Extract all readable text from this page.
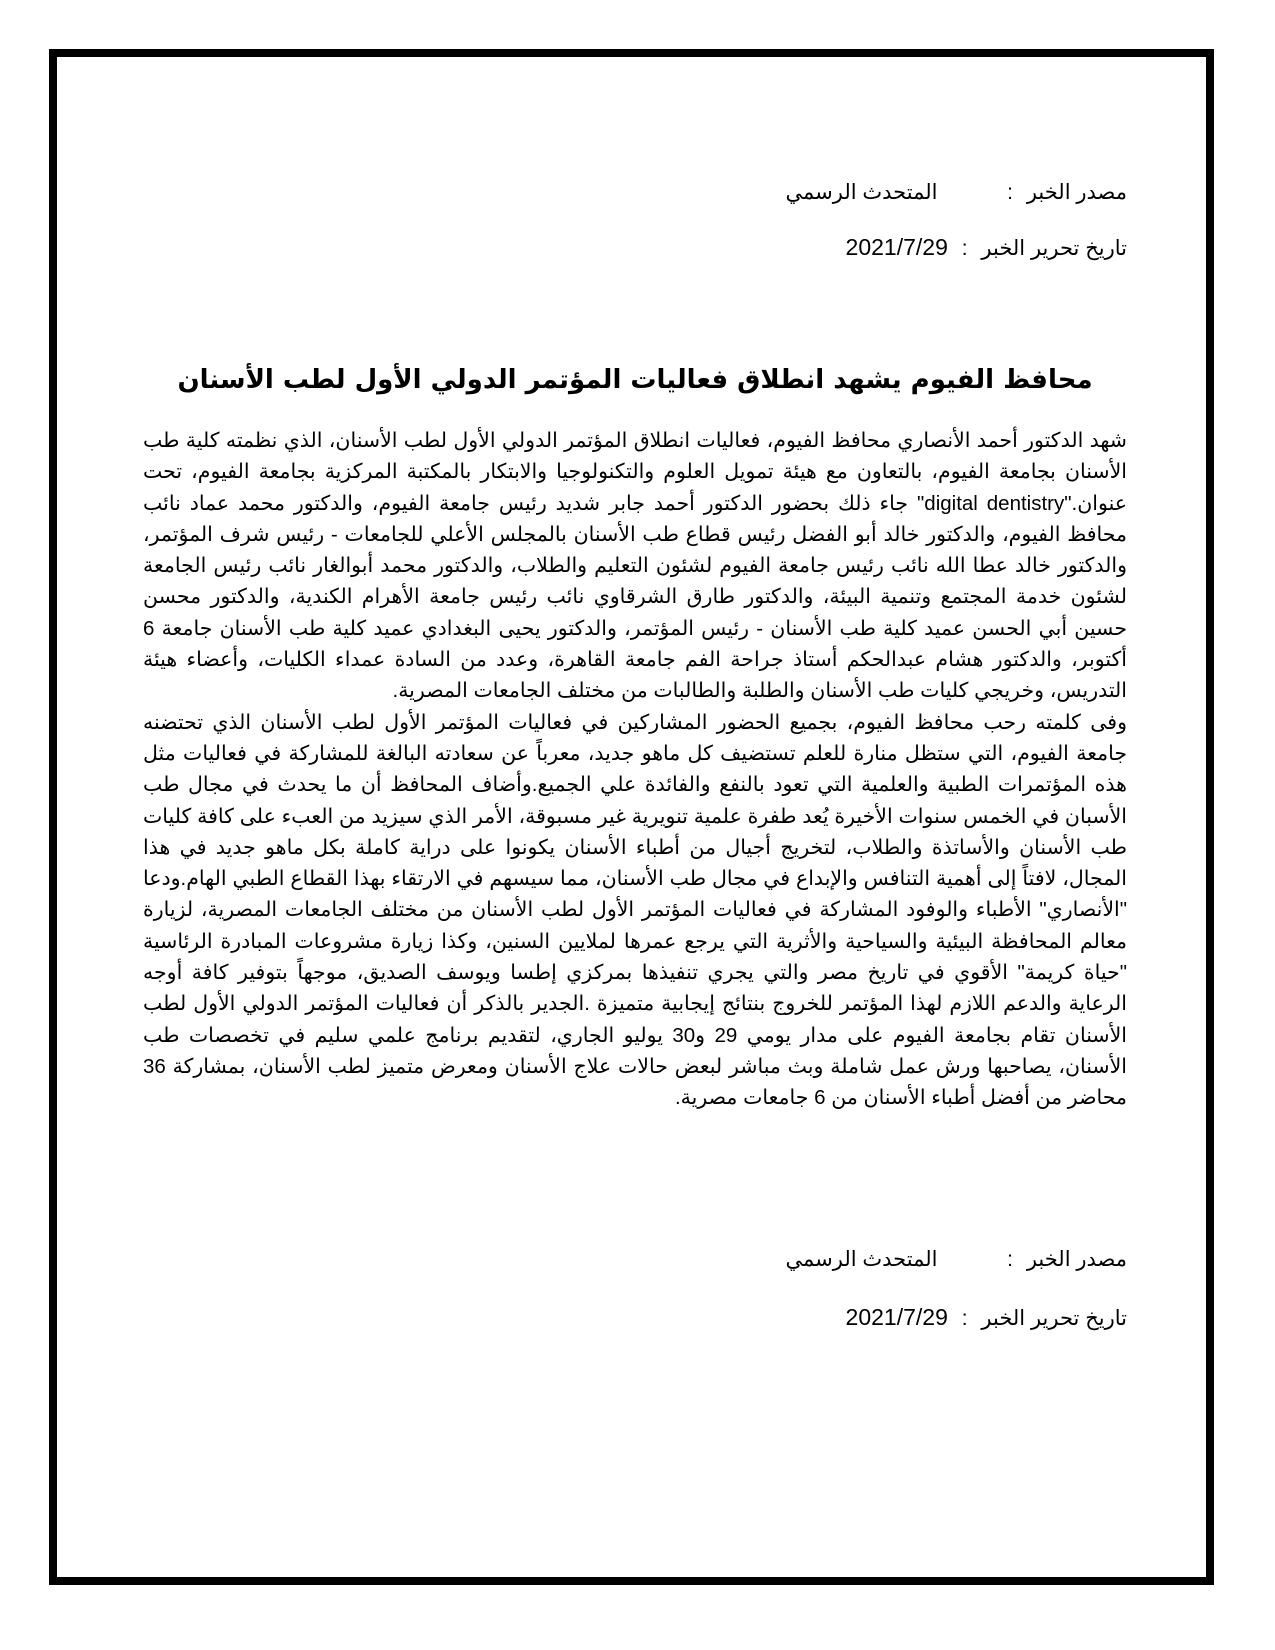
مصدر الخبر :  المتحدث الرسمي
تاريخ تحرير الخبر : 2021/7/29
محافظ الفيوم يشهد انطلاق فعاليات المؤتمر الدولي الأول لطب الأسنان

شهد الدكتور أحمد الأنصاري محافظ الفيوم، فعاليات انطلاق المؤتمر الدولي الأول لطب الأسنان، الذي نظمته كلية طب الأسنان بجامعة الفيوم، بالتعاون مع هيئة تمويل العلوم والتكنولوجيا والابتكار بالمكتبة المركزية بجامعة الفيوم، تحت عنوان."digital dentistry" جاء ذلك بحضور الدكتور أحمد جابر شديد رئيس جامعة الفيوم، والدكتور محمد عماد نائب محافظ الفيوم، والدكتور خالد أبو الفضل رئيس قطاع طب الأسنان بالمجلس الأعلي للجامعات - رئيس شرف المؤتمر، والدكتور خالد عطا الله نائب رئيس جامعة الفيوم لشئون التعليم والطلاب، والدكتور محمد أبوالغار نائب رئيس الجامعة لشئون خدمة المجتمع وتنمية البيئة، والدكتور طارق الشرقاوي نائب رئيس جامعة الأهرام الكندية، والدكتور محسن حسين أبي الحسن عميد كلية طب الأسنان - رئيس المؤتمر، والدكتور يحيى البغدادي عميد كلية طب الأسنان جامعة 6 أكتوبر، والدكتور هشام عبدالحكم أستاذ جراحة الفم جامعة القاهرة، وعدد من السادة عمداء الكليات، وأعضاء هيئة التدريس، وخريجي كليات طب الأسنان والطلبة والطالبات من مختلف الجامعات المصرية.

وفى كلمته رحب محافظ الفيوم، بجميع الحضور المشاركين في فعاليات المؤتمر الأول لطب الأسنان الذي تحتضنه جامعة الفيوم، التي ستظل منارة للعلم تستضيف كل ماهو جديد، معرباً عن سعادته البالغة للمشاركة في فعاليات مثل هذه المؤتمرات الطبية والعلمية التي تعود بالنفع والفائدة علي الجميع.وأضاف المحافظ أن ما يحدث في مجال طب الأسبان في الخمس سنوات الأخيرة يُعد طفرة علمية تنويرية غير مسبوقة، الأمر الذي سيزيد من العبء على كافة كليات طب الأسنان والأساتذة والطلاب، لتخريج أجيال من أطباء الأسنان يكونوا على دراية كاملة بكل ماهو جديد في هذا المجال، لافتاً إلى أهمية التنافس والإبداع في مجال طب الأسنان، مما سيسهم في الارتقاء بهذا القطاع الطبي الهام.ودعا "الأنصاري" الأطباء والوفود المشاركة في فعاليات المؤتمر الأول لطب الأسنان من مختلف الجامعات المصرية، لزيارة معالم المحافظة البيئية والسياحية والأثرية التي يرجع عمرها لملايين السنين، وكذا زيارة مشروعات المبادرة الرئاسية "حياة كريمة" الأقوي في تاريخ مصر والتي يجري تنفيذها بمركزي إطسا ويوسف الصديق، موجهاً بتوفير كافة أوجه الرعاية والدعم اللازم لهذا المؤتمر للخروج بنتائج إيجابية متميزة .الجدير بالذكر أن فعاليات المؤتمر الدولي الأول لطب الأسنان تقام بجامعة الفيوم على مدار يومي 29 و30 يوليو الجاري، لتقديم برنامج علمي سليم في تخصصات طب الأسنان، يصاحبها ورش عمل شاملة وبث مباشر لبعض حالات علاج الأسنان ومعرض متميز لطب الأسنان، بمشاركة 36 محاضر من أفضل أطباء الأسنان من 6 جامعات مصرية.

مصدر الخبر :  المتحدث الرسمي
تاريخ تحرير الخبر : 2021/7/29
